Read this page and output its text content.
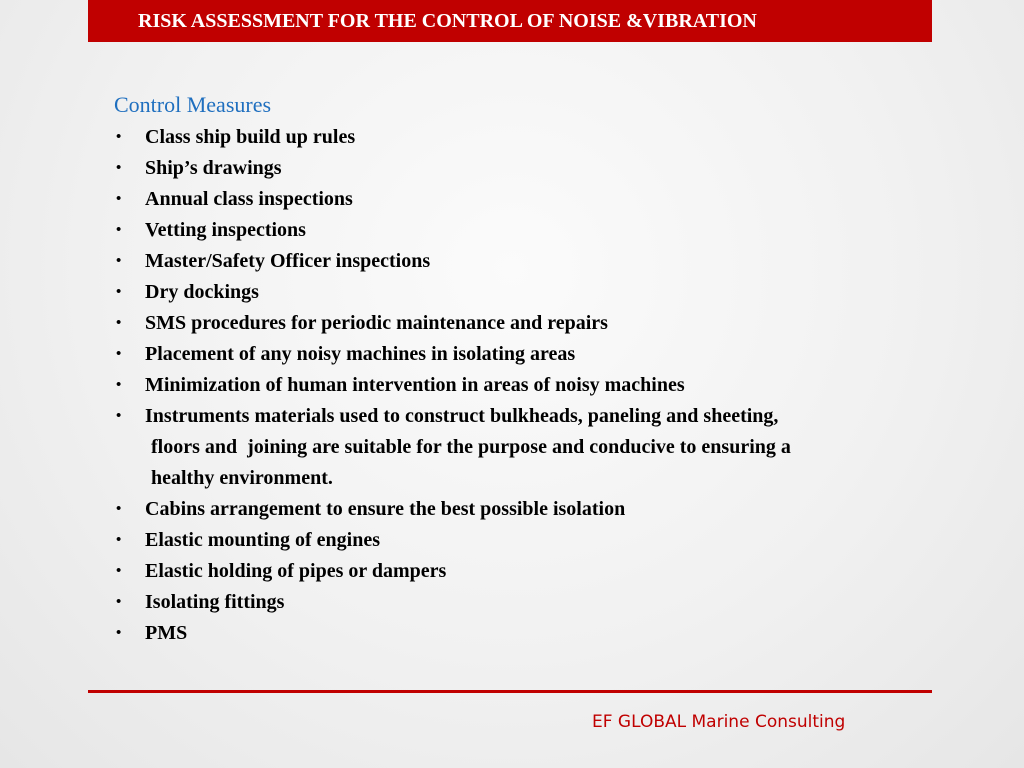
RISK ASSESSMENT FOR THE CONTROL OF NOISE &VIBRATION
Control Measures
•	Class ship build up rules
•	Ship’s drawings
•	Annual class inspections
•	Vetting inspections
•	Master/Safety Officer inspections
•	Dry dockings
•	SMS procedures for periodic maintenance and repairs
•	Placement of any noisy machines in isolating areas
•	Minimization of human intervention in areas of noisy machines
•	Instruments materials used to construct bulkheads, paneling and sheeting,
floors and  joining are suitable for the purpose and conducive to ensuring a
healthy environment.
•	Cabins arrangement to ensure the best possible isolation
•	Elastic mounting of engines
•	Elastic holding of pipes or dampers
•	Isolating fittings
•	PMS
EF GLOBAL Marine Consulting
